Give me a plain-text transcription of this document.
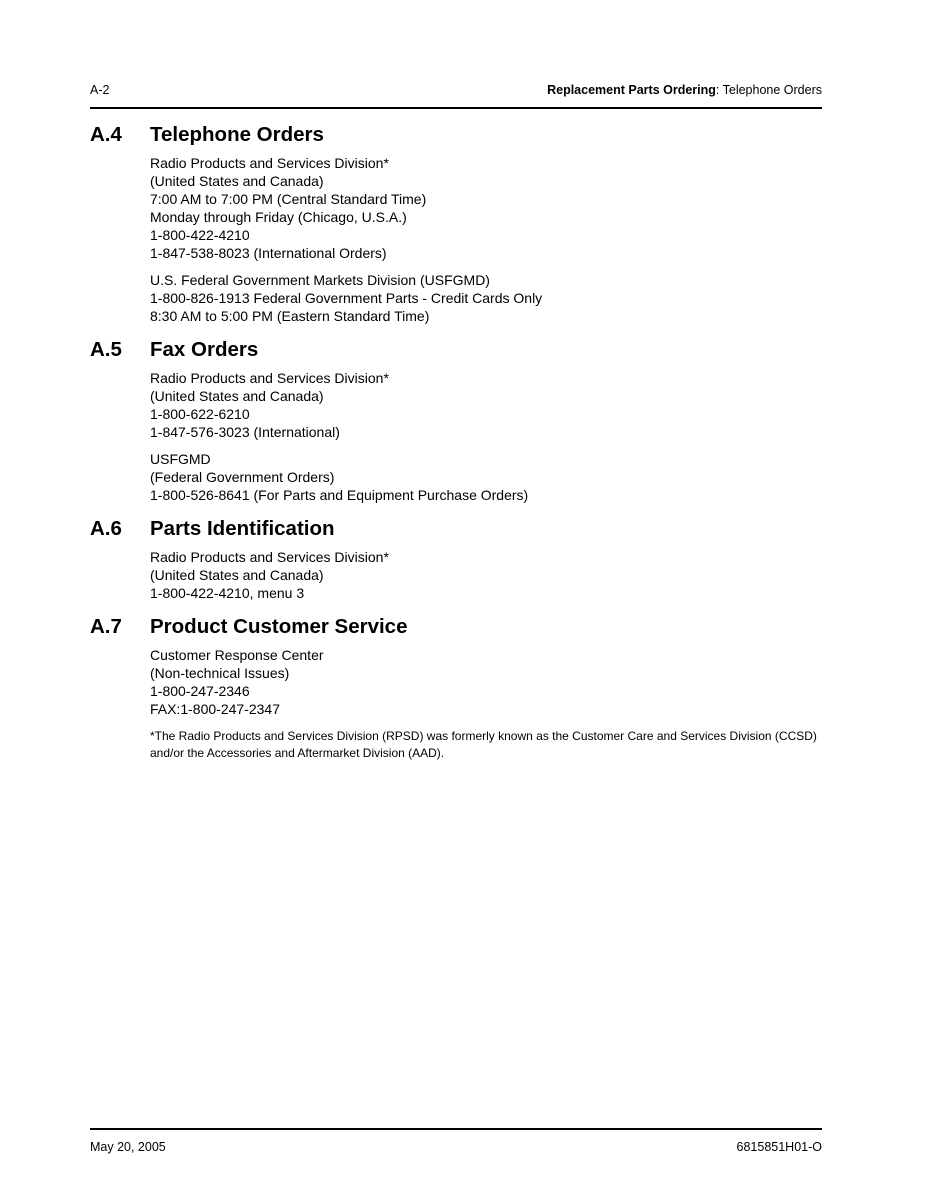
A-2	Replacement Parts Ordering: Telephone Orders
A.4	Telephone Orders
Radio Products and Services Division*
(United States and Canada)
7:00 AM to 7:00 PM (Central Standard Time)
Monday through Friday (Chicago, U.S.A.)
1-800-422-4210
1-847-538-8023 (International Orders)
U.S. Federal Government Markets Division (USFGMD)
1-800-826-1913 Federal Government Parts - Credit Cards Only
8:30 AM to 5:00 PM (Eastern Standard Time)
A.5	Fax Orders
Radio Products and Services Division*
(United States and Canada)
1-800-622-6210
1-847-576-3023 (International)
USFGMD
(Federal Government Orders)
1-800-526-8641 (For Parts and Equipment Purchase Orders)
A.6	Parts Identification
Radio Products and Services Division*
(United States and Canada)
1-800-422-4210, menu 3
A.7	Product Customer Service
Customer Response Center
(Non-technical Issues)
1-800-247-2346
FAX:1-800-247-2347
*The Radio Products and Services Division (RPSD) was formerly known as the Customer Care and Services Division (CCSD) and/or the Accessories and Aftermarket Division (AAD).
May 20, 2005	6815851H01-O
